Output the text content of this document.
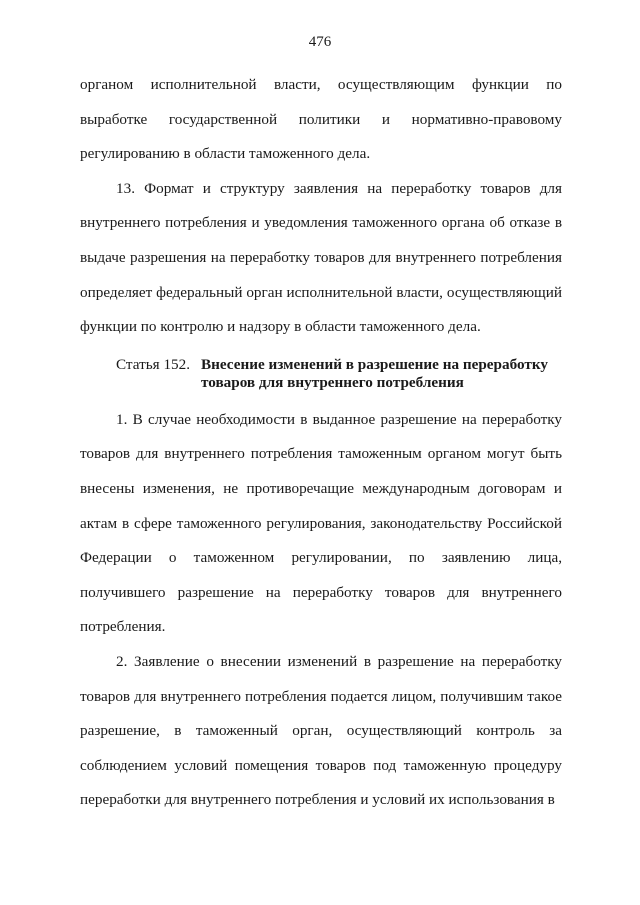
476

органом исполнительной власти, осуществляющим функции по выработке государственной политики и нормативно-правовому регулированию в области таможенного дела.

13. Формат и структуру заявления на переработку товаров для внутреннего потребления и уведомления таможенного органа об отказе в выдаче разрешения на переработку товаров для внутреннего потребления определяет федеральный орган исполнительной власти, осуществляющий функции по контролю и надзору в области таможенного дела.

Статья 152. Внесение изменений в разрешение на переработку
товаров для внутреннего потребления

1. В случае необходимости в выданное разрешение на переработку товаров для внутреннего потребления таможенным органом могут быть внесены изменения, не противоречащие международным договорам и актам в сфере таможенного регулирования, законодательству Российской Федерации о таможенном регулировании, по заявлению лица, получившего разрешение на переработку товаров для внутреннего потребления.

2. Заявление о внесении изменений в разрешение на переработку товаров для внутреннего потребления подается лицом, получившим такое разрешение, в таможенный орган, осуществляющий контроль за соблюдением условий помещения товаров под таможенную процедуру переработки для внутреннего потребления и условий их использования в
